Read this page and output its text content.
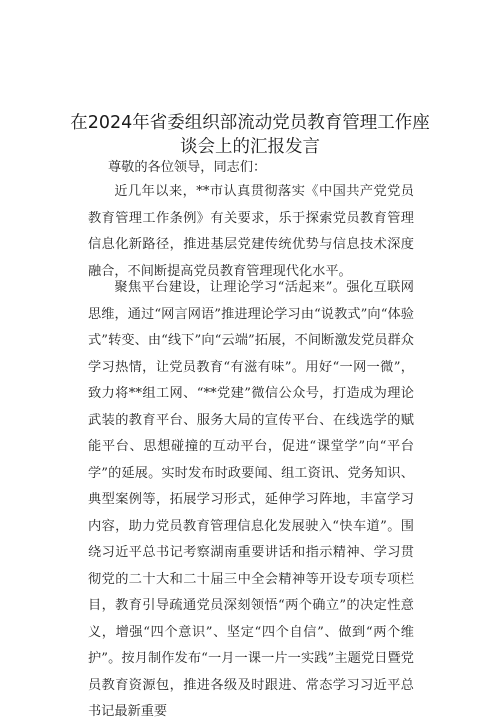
在2024年省委组织部流动党员教育管理工作座
谈会上的汇报发言
尊敬的各位领导，同志们：

近几年以来，**市认真贯彻落实《中国共产党党员教育管理工作条例》有关要求，乐于探索党员教育管理信息化新路径，推进基层党建传统优势与信息技术深度融合，不间断提高党员教育管理现代化水平。

聚焦平台建设，让理论学习“活起来”。强化互联网思维，通过“网言网语”推进理论学习由“说教式”向“体验式”转变、由“线下”向“云端”拓展，不间断激发党员群众学习热情，让党员教育“有滋有味”。用好“一网一微”，致力将**组工网、“**党建”微信公众号，打造成为理论武装的教育平台、服务大局的宣传平台、在线选学的赋能平台、思想碰撞的互动平台，促进“课堂学”向“平台学”的延展。实时发布时政要闻、组工资讯、党务知识、典型案例等，拓展学习形式，延伸学习阵地，丰富学习内容，助力党员教育管理信息化发展驶入“快车道”。围绕习近平总书记考察湖南重要讲话和指示精神、学习贯彻党的二十大和二十届三中全会精神等开设专项专项栏目，教育引导疏通党员深刻领悟“两个确立”的决定性意义，增强“四个意识”、坚定“四个自信”、做到“两个维护”。按月制作发布“一月一课一片一实践”主题党日暨党员教育资源包，推进各级及时跟进、常态学习习近平总书记最新重要
